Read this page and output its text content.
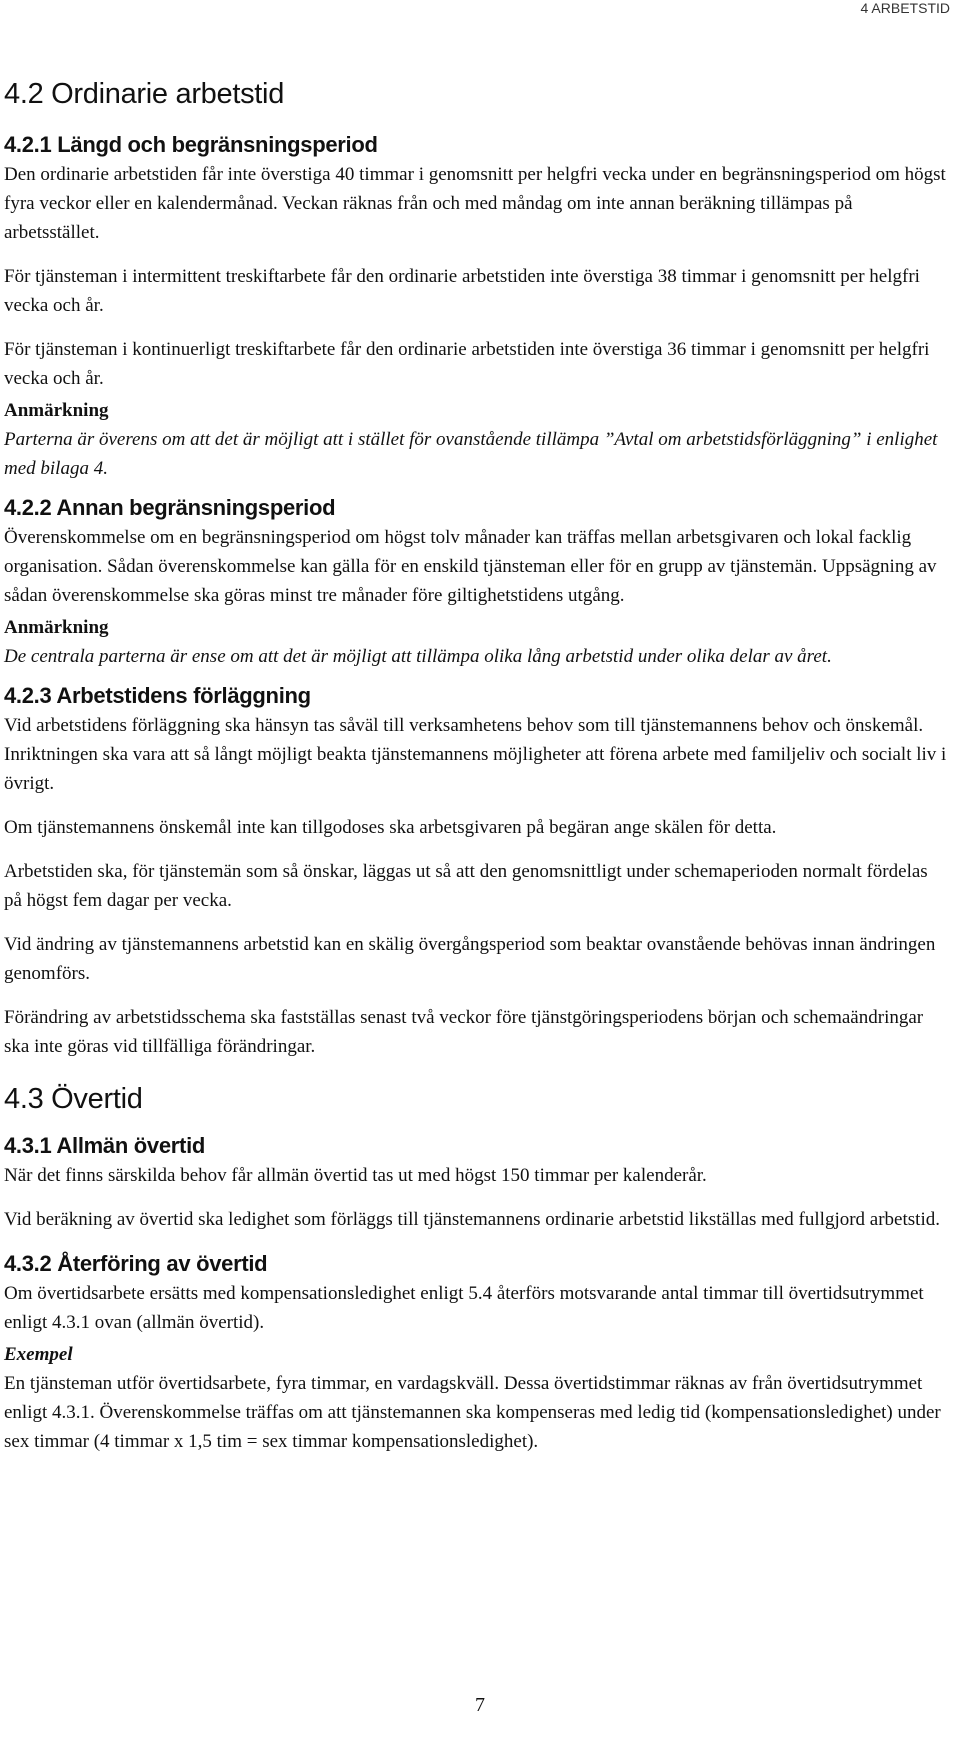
4 ARBETSTID
4.2 Ordinarie arbetstid
4.2.1 Längd och begränsningsperiod

Den ordinarie arbetstiden får inte överstiga 40 timmar i genomsnitt per helgfri vecka under en begränsningsperiod om högst fyra veckor eller en kalendermånad. Veckan räknas från och med måndag om inte annan beräkning tillämpas på arbetsstället.

För tjänsteman i intermittent treskiftarbete får den ordinarie arbetstiden inte överstiga 38 timmar i genomsnitt per helgfri vecka och år.

För tjänsteman i kontinuerligt treskiftarbete får den ordinarie arbetstiden inte överstiga 36 timmar i genomsnitt per helgfri vecka och år.

Anmärkning

Parterna är överens om att det är möjligt att i stället för ovanstående tillämpa ”Avtal om arbetstidsförläggning” i enlighet med bilaga 4.

4.2.2 Annan begränsningsperiod

Överenskommelse om en begränsningsperiod om högst tolv månader kan träffas mellan arbetsgivaren och lokal facklig organisation. Sådan överenskommelse kan gälla för en enskild tjänsteman eller för en grupp av tjänstemän. Uppsägning av sådan överenskommelse ska göras minst tre månader före giltighetstidens utgång.

Anmärkning

De centrala parterna är ense om att det är möjligt att tillämpa olika lång arbetstid under olika delar av året.

4.2.3 Arbetstidens förläggning

Vid arbetstidens förläggning ska hänsyn tas såväl till verksamhetens behov som till tjänstemannens behov och önskemål. Inriktningen ska vara att så långt möjligt beakta tjänstemannens möjligheter att förena arbete med familjeliv och socialt liv i övrigt.

Om tjänstemannens önskemål inte kan tillgodoses ska arbetsgivaren på begäran ange skälen för detta.

Arbetstiden ska, för tjänstemän som så önskar, läggas ut så att den genomsnittligt under schemaperioden normalt fördelas på högst fem dagar per vecka.

Vid ändring av tjänstemannens arbetstid kan en skälig övergångsperiod som beaktar ovanstående behövas innan ändringen genomförs.

Förändring av arbetstidsschema ska fastställas senast två veckor före tjänstgöringsperiodens början och schemaändringar ska inte göras vid tillfälliga förändringar.

4.3 Övertid
4.3.1 Allmän övertid

När det finns särskilda behov får allmän övertid tas ut med högst 150 timmar per kalenderår.

Vid beräkning av övertid ska ledighet som förläggs till tjänstemannens ordinarie arbetstid likställas med fullgjord arbetstid.

4.3.2 Återföring av övertid

Om övertidsarbete ersätts med kompensationsledighet enligt 5.4 återförs motsvarande antal timmar till övertidsutrymmet enligt 4.3.1 ovan (allmän övertid).

Exempel

En tjänsteman utför övertidsarbete, fyra timmar, en vardagskväll. Dessa övertidstimmar räknas av från övertidsutrymmet enligt 4.3.1. Överenskommelse träffas om att tjänstemannen ska kompenseras med ledig tid (kompensationsledighet) under sex timmar (4 timmar x 1,5 tim = sex timmar kompensationsledighet).

7
